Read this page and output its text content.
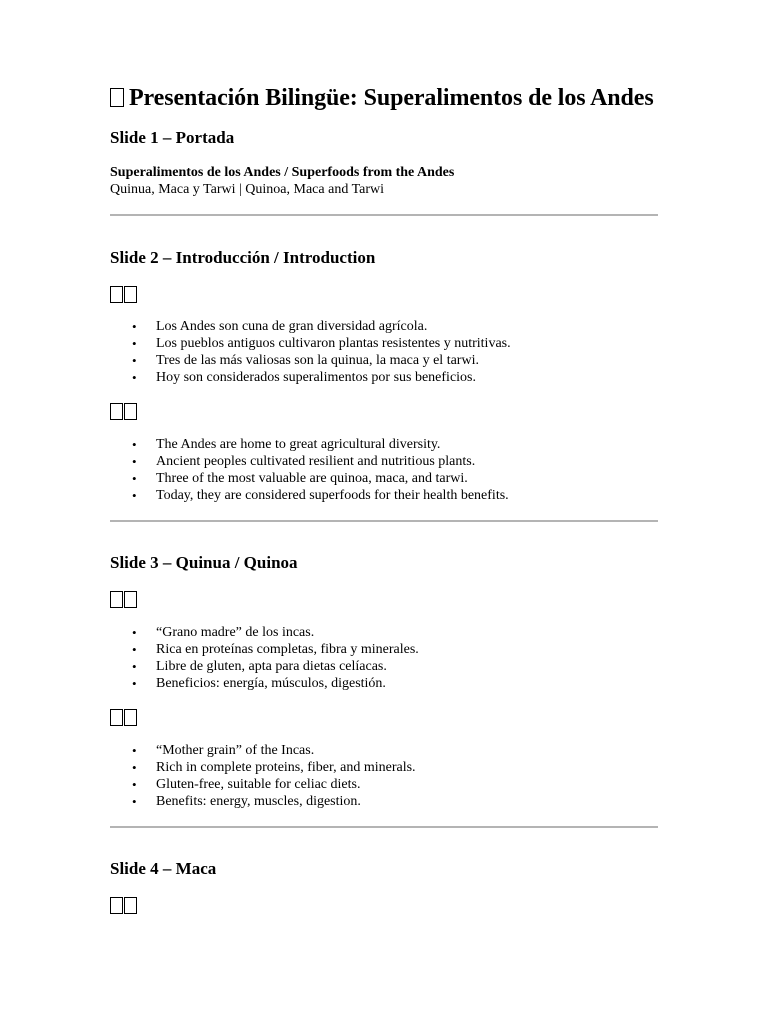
Presentación Bilingüe: Superalimentos de los Andes
Slide 1 – Portada

Superalimentos de los Andes / Superfoods from the Andes

Quinua, Maca y Tarwi | Quinoa, Maca and Tarwi

Slide 2 – Introducción / Introduction
• Los Andes son cuna de gran diversidad agrícola.
• Los pueblos antiguos cultivaron plantas resistentes y nutritivas.
• Tres de las más valiosas son la quinua, la maca y el tarwi.
• Hoy son considerados superalimentos por sus beneficios.
• The Andes are home to great agricultural diversity.
• Ancient peoples cultivated resilient and nutritious plants.
• Three of the most valuable are quinoa, maca, and tarwi.
• Today, they are considered superfoods for their health benefits.
Slide 3 – Quinua / Quinoa
• “Grano madre” de los incas.
• Rica en proteínas completas, fibra y minerales.
• Libre de gluten, apta para dietas celíacas.
• Beneficios: energía, músculos, digestión.
• “Mother grain” of the Incas.
• Rich in complete proteins, fiber, and minerals.
• Gluten-free, suitable for celiac diets.
• Benefits: energy, muscles, digestion.
Slide 4 – Maca
